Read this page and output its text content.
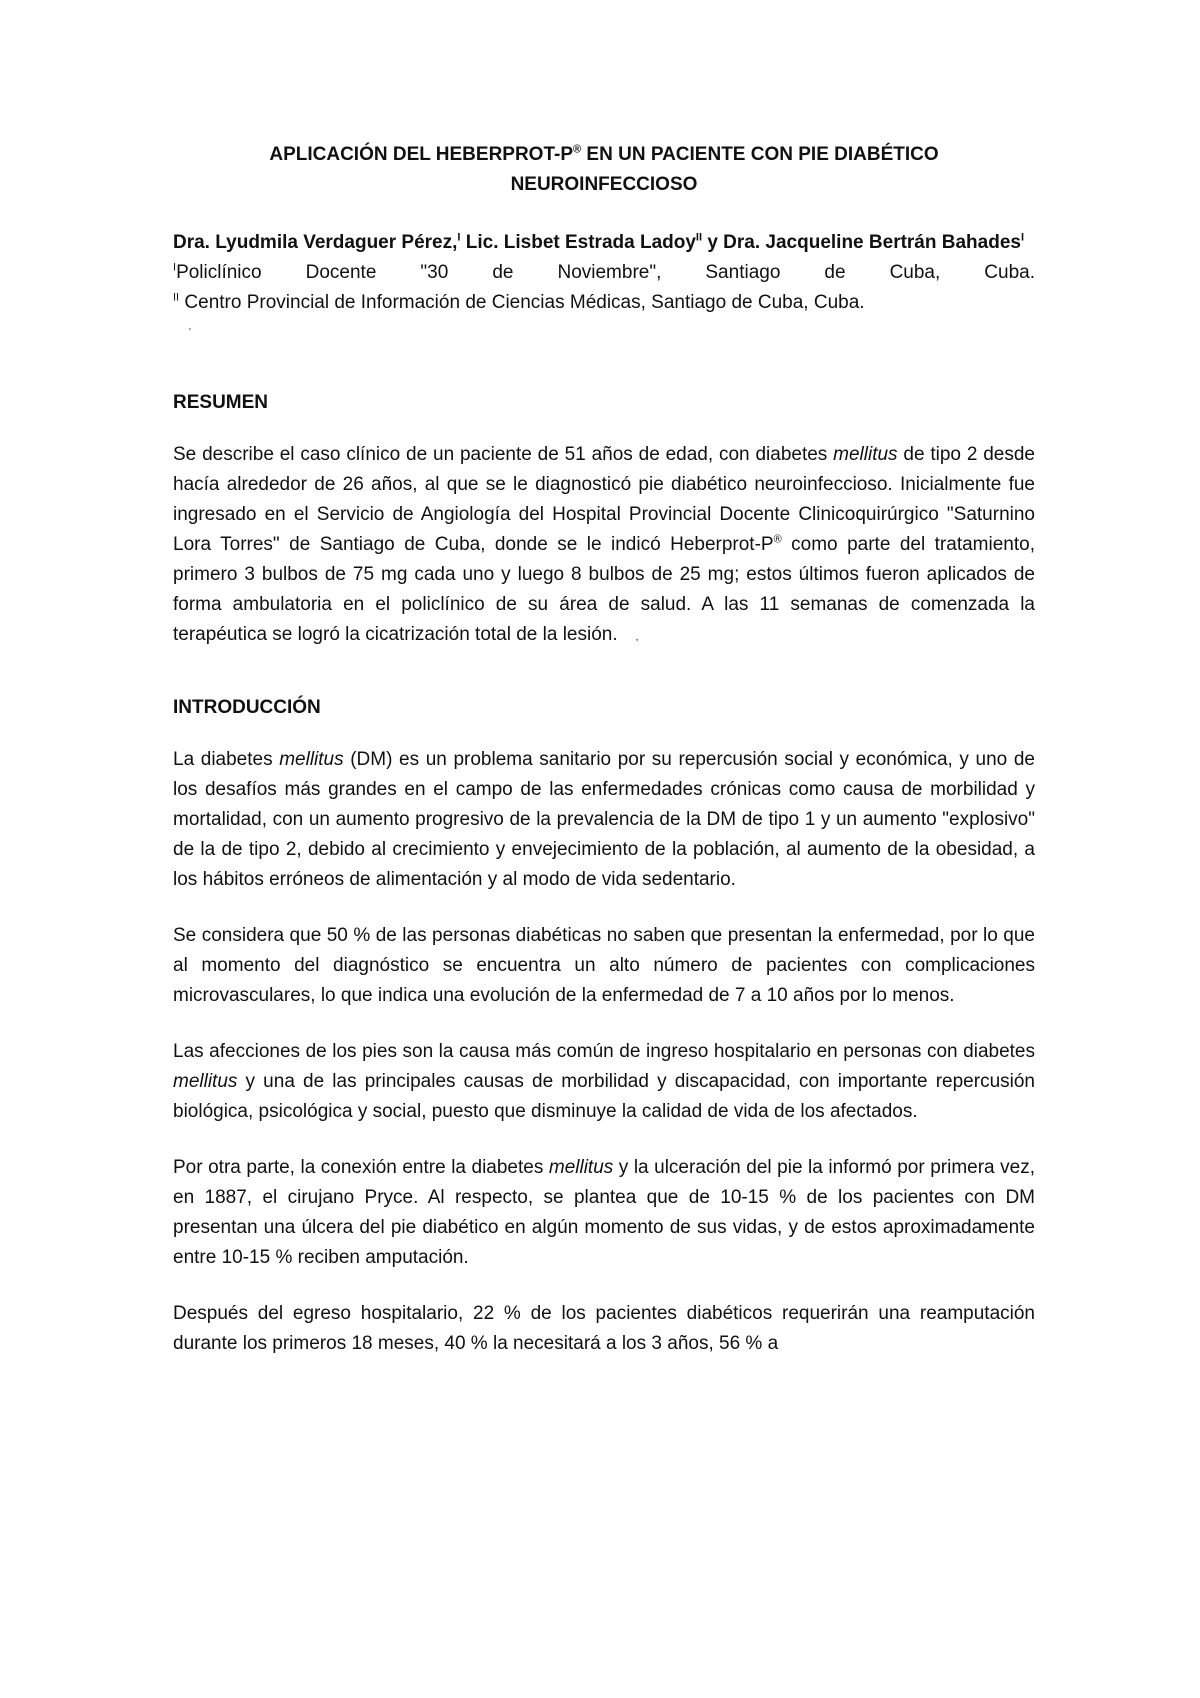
APLICACIÓN DEL HEBERPROT-P® EN UN PACIENTE CON PIE DIABÉTICO
NEUROINFECCIOSO

Dra. Lyudmila Verdaguer Pérez,$^I$ Lic. Lisbet Estrada Ladoy$^{II}$ y Dra. Jacqueline Bertrán Bahades$^I$

$^I$Policlínico Docente "30 de Noviembre", Santiago de Cuba, Cuba.

$^{II}$ Centro Provincial de Información de Ciencias Médicas, Santiago de Cuba, Cuba.

'
RESUMEN

Se describe el caso clínico de un paciente de 51 años de edad, con diabetes mellitus de tipo 2 desde hacía alrededor de 26 años, al que se le diagnosticó pie diabético neuroinfeccioso. Inicialmente fue ingresado en el Servicio de Angiología del Hospital Provincial Docente Clinicoquirúrgico "Saturnino Lora Torres" de Santiago de Cuba, donde se le indicó Heberprot-P® como parte del tratamiento, primero 3 bulbos de 75 mg cada uno y luego 8 bulbos de 25 mg; estos últimos fueron aplicados de forma ambulatoria en el policlínico de su área de salud. A las 11 semanas de comenzada la terapéutica se logró la cicatrización total de la lesión. ,

INTRODUCCIÓN

La diabetes mellitus (DM) es un problema sanitario por su repercusión social y económica, y uno de los desafíos más grandes en el campo de las enfermedades crónicas como causa de morbilidad y mortalidad, con un aumento progresivo de la prevalencia de la DM de tipo 1 y un aumento "explosivo" de la de tipo 2, debido al crecimiento y envejecimiento de la población, al aumento de la obesidad, a los hábitos erróneos de alimentación y al modo de vida sedentario.

Se considera que 50 % de las personas diabéticas no saben que presentan la enfermedad, por lo que al momento del diagnóstico se encuentra un alto número de pacientes con complicaciones microvasculares, lo que indica una evolución de la enfermedad de 7 a 10 años por lo menos.

Las afecciones de los pies son la causa más común de ingreso hospitalario en personas con diabetes mellitus y una de las principales causas de morbilidad y discapacidad, con importante repercusión biológica, psicológica y social, puesto que disminuye la calidad de vida de los afectados.

Por otra parte, la conexión entre la diabetes mellitus y la ulceración del pie la informó por primera vez, en 1887, el cirujano Pryce. Al respecto, se plantea que de 10-15 % de los pacientes con DM presentan una úlcera del pie diabético en algún momento de sus vidas, y de estos aproximadamente entre 10-15 % reciben amputación.

Después del egreso hospitalario, 22 % de los pacientes diabéticos requerirán una reamputación durante los primeros 18 meses, 40 % la necesitará a los 3 años, 56 % a
